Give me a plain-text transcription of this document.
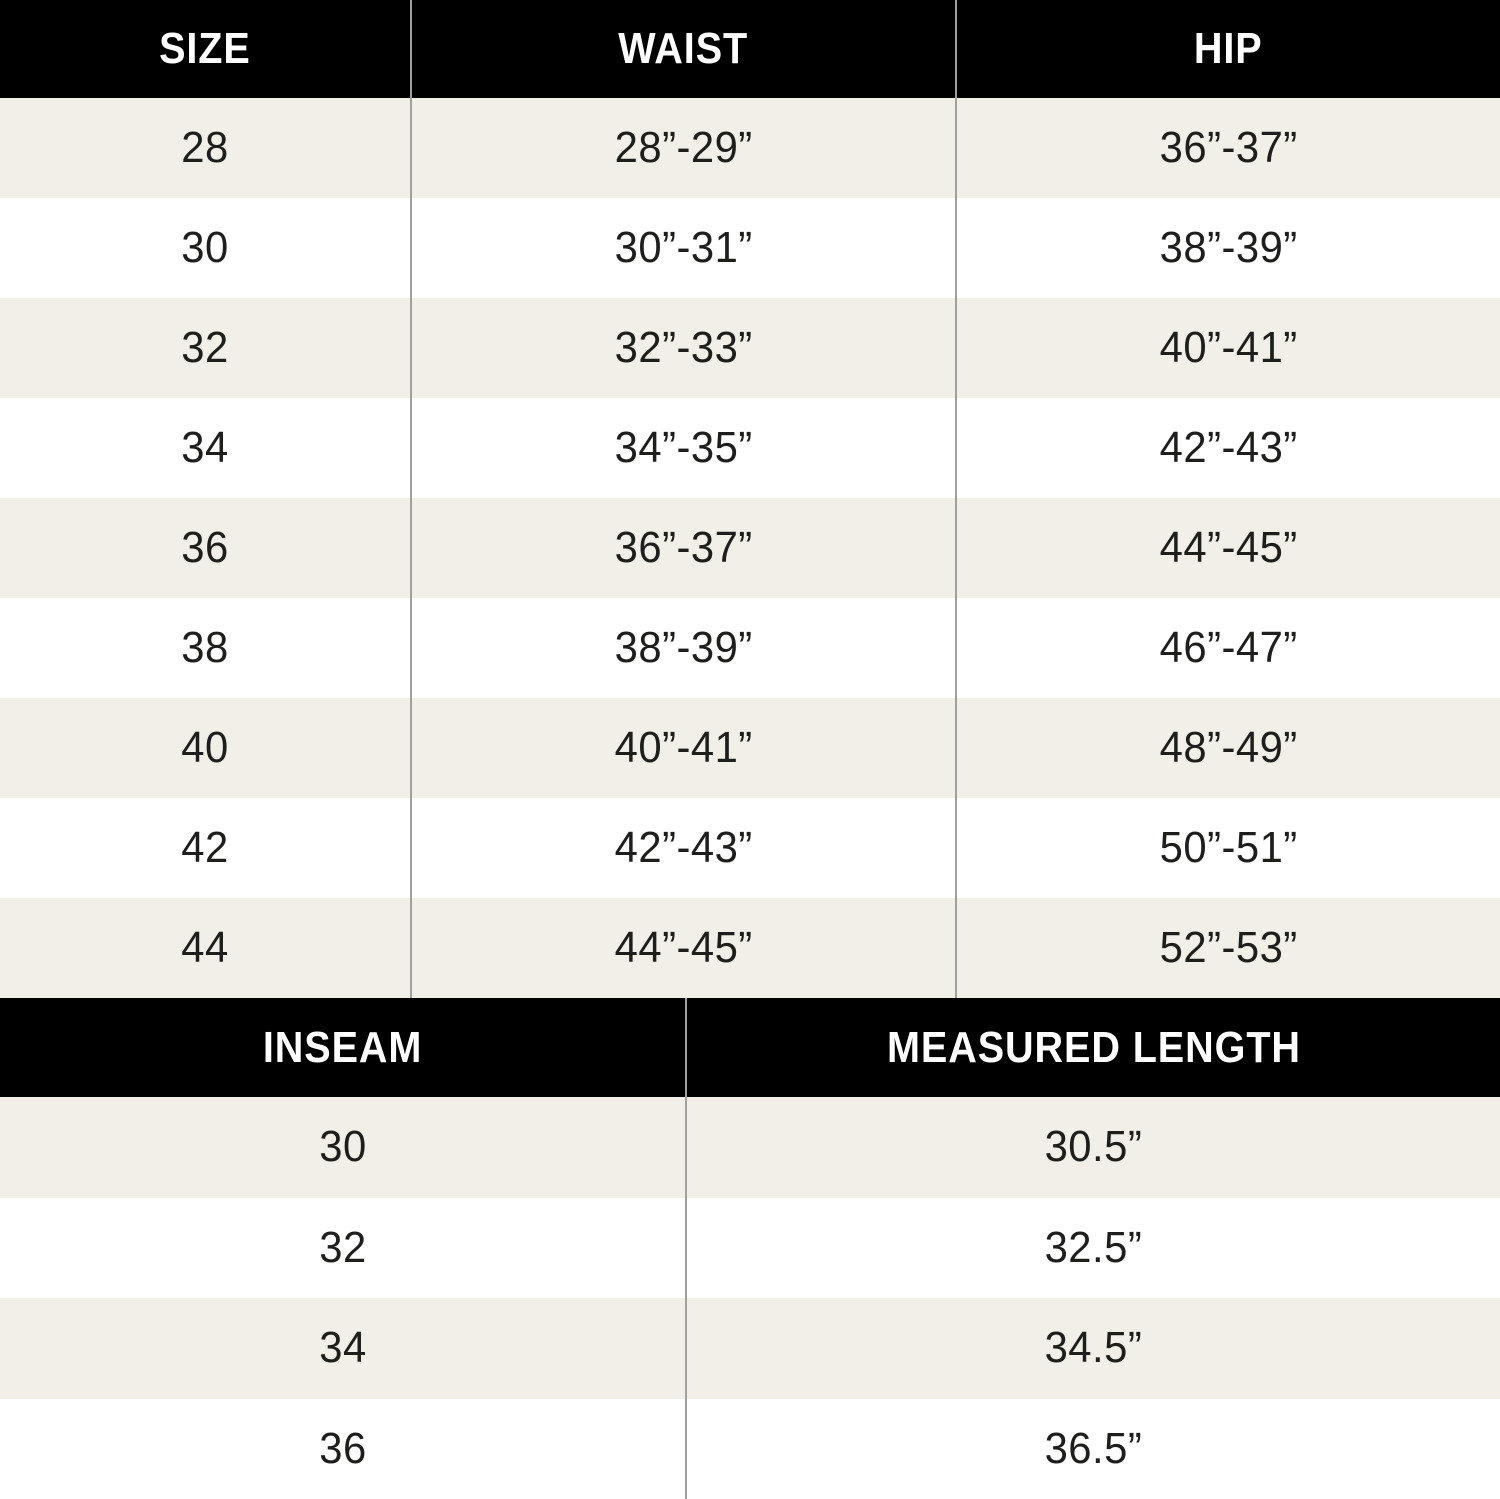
SIZE	WAIST	HIP
28	28”-29”	36”-37”
30	30”-31”	38”-39”
32	32”-33”	40”-41”
34	34”-35”	42”-43”
36	36”-37”	44”-45”
38	38”-39”	46”-47”
40	40”-41”	48”-49”
42	42”-43”	50”-51”
44	44”-45”	52”-53”
INSEAM	MEASURED LENGTH
30	30.5”
32	32.5”
34	34.5”
36	36.5”
